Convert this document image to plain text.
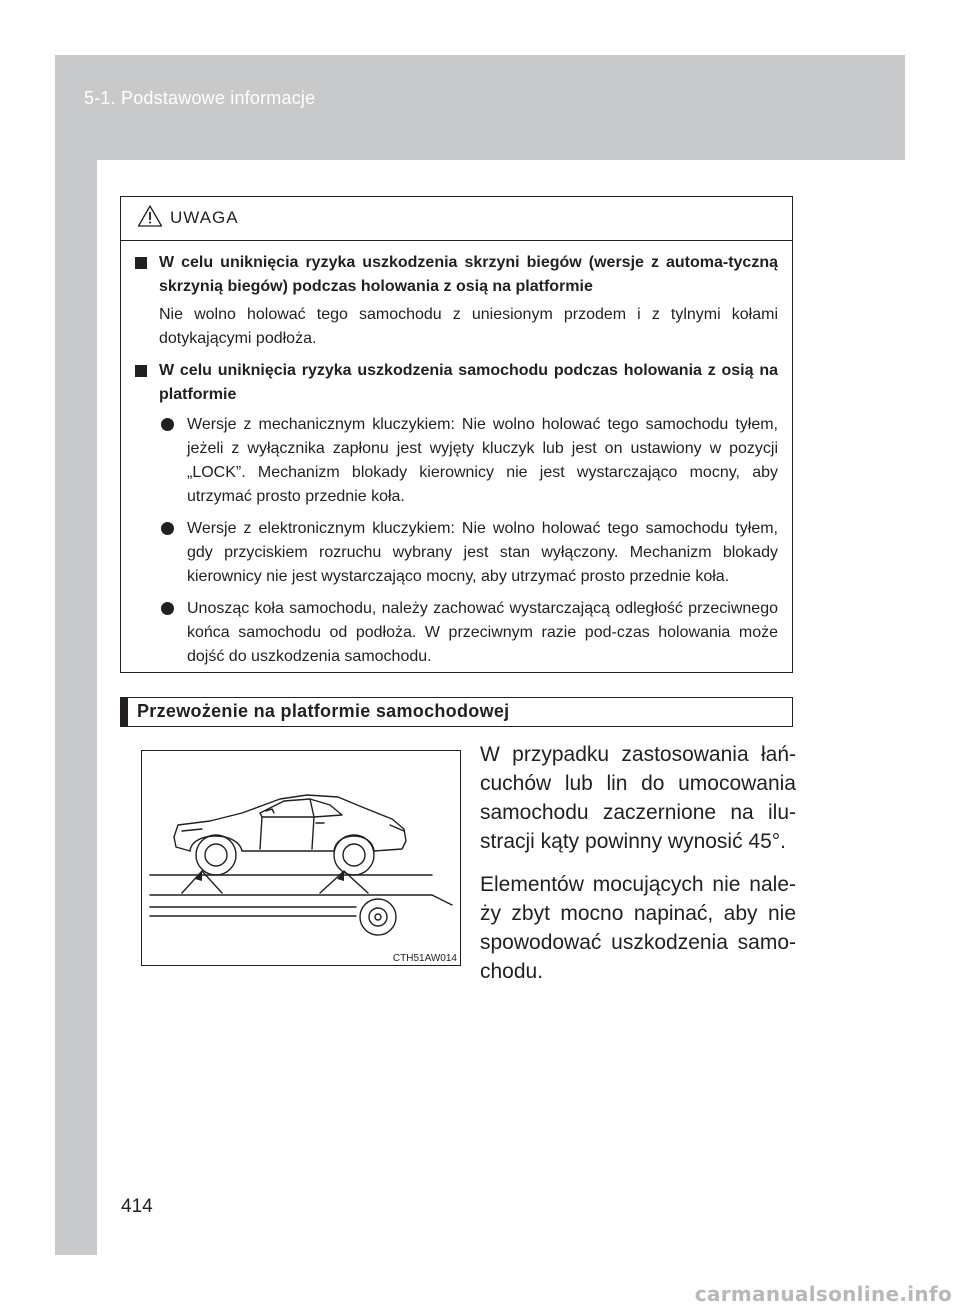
5-1. Podstawowe informacje
UWAGA
W celu uniknięcia ryzyka uszkodzenia skrzyni biegów (wersje z automa-tyczną skrzynią biegów) podczas holowania z osią na platformie
Nie wolno holować tego samochodu z uniesionym przodem i z tylnymi kołami dotykającymi podłoża.
W celu uniknięcia ryzyka uszkodzenia samochodu podczas holowania z osią na platformie
Wersje z mechanicznym kluczykiem: Nie wolno holować tego samochodu tyłem, jeżeli z wyłącznika zapłonu jest wyjęty kluczyk lub jest on ustawiony w pozycji „LOCK”. Mechanizm blokady kierownicy nie jest wystarczająco mocny, aby utrzymać prosto przednie koła.
Wersje z elektronicznym kluczykiem: Nie wolno holować tego samochodu tyłem, gdy przyciskiem rozruchu wybrany jest stan wyłączony. Mechanizm blokady kierownicy nie jest wystarczająco mocny, aby utrzymać prosto przednie koła.
Unosząc koła samochodu, należy zachować wystarczającą odległość przeciwnego końca samochodu od podłoża. W przeciwnym razie pod-czas holowania może dojść do uszkodzenia samochodu.
Przewożenie na platformie samochodowej
CTH51AW014

W przypadku zastosowania łań-cuchów lub lin do umocowania samochodu zaczernione na ilu-stracji kąty powinny wynosić 45°.

Elementów mocujących nie nale-ży zbyt mocno napinać, aby nie spowodować uszkodzenia samo-chodu.

414
carmanualsonline.info
